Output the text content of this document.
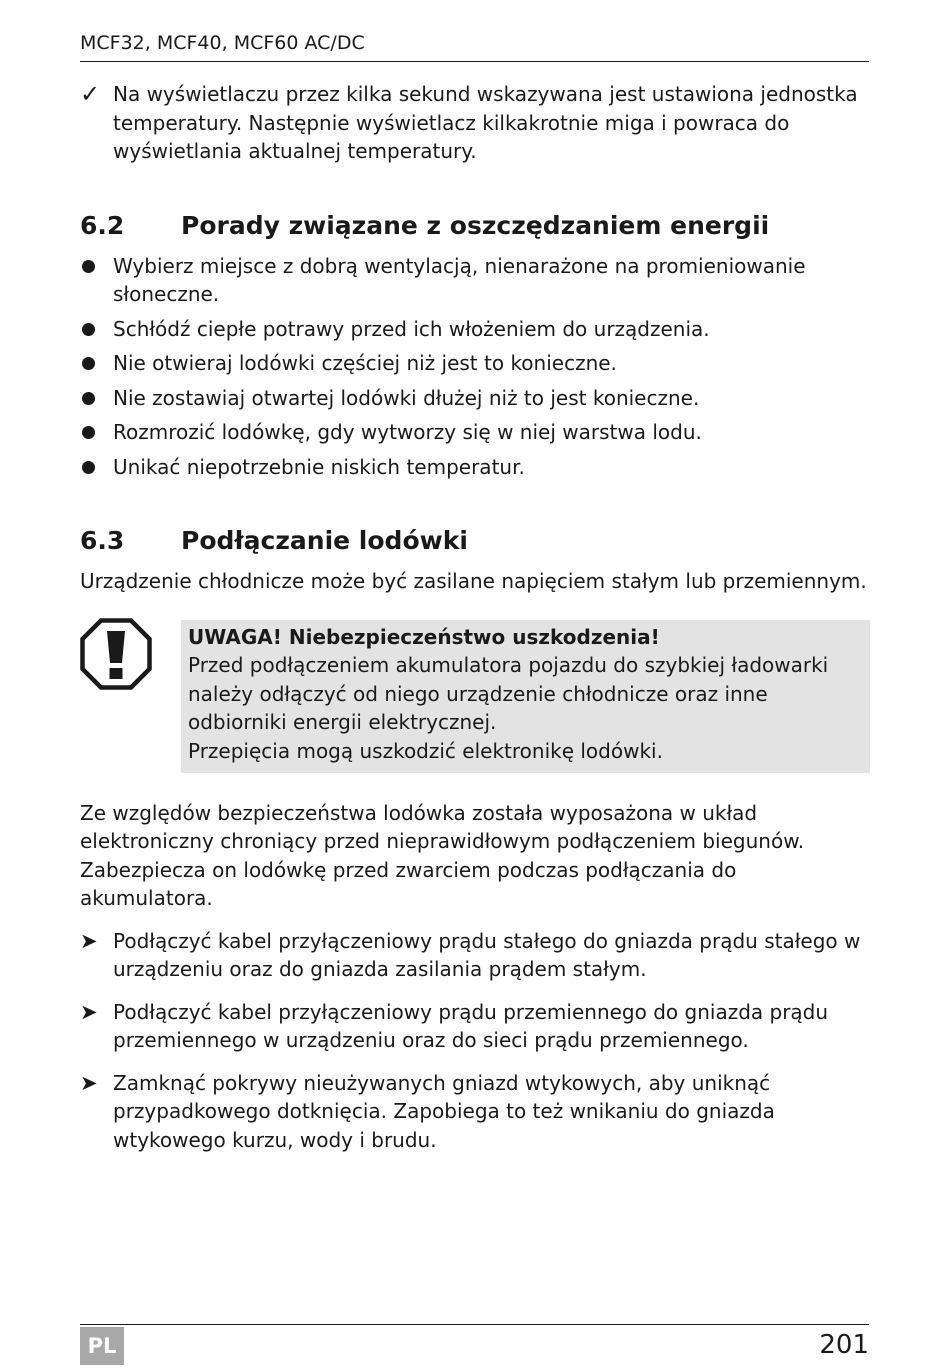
MCF32, MCF40, MCF60 AC/DC
✓ Na wyświetlaczu przez kilka sekund wskazywana jest ustawiona jednostka temperatury. Następnie wyświetlacz kilkakrotnie miga i powraca do wyświetlania aktualnej temperatury.
6.2 Porady związane z oszczędzaniem energii
Wybierz miejsce z dobrą wentylacją, nienarażone na promieniowanie słoneczne.
Schłódź ciepłe potrawy przed ich włożeniem do urządzenia.
Nie otwieraj lodówki częściej niż jest to konieczne.
Nie zostawiaj otwartej lodówki dłużej niż to jest konieczne.
Rozmrozić lodówkę, gdy wytworzy się w niej warstwa lodu.
Unikać niepotrzebnie niskich temperatur.
6.3 Podłączanie lodówki

Urządzenie chłodnicze może być zasilane napięciem stałym lub przemiennym.

UWAGA! Niebezpieczeństwo uszkodzenia!
Przed podłączeniem akumulatora pojazdu do szybkiej ładowarki należy odłączyć od niego urządzenie chłodnicze oraz inne odbiorniki energii elektrycznej.
Przepięcia mogą uszkodzić elektronikę lodówki.

Ze względów bezpieczeństwa lodówka została wyposażona w układ elektroniczny chroniący przed nieprawidłowym podłączeniem biegunów. Zabezpiecza on lodówkę przed zwarciem podczas podłączania do akumulatora.

➤ Podłączyć kabel przyłączeniowy prądu stałego do gniazda prądu stałego w urządzeniu oraz do gniazda zasilania prądem stałym.
➤ Podłączyć kabel przyłączeniowy prądu przemiennego do gniazda prądu przemiennego w urządzeniu oraz do sieci prądu przemiennego.
➤ Zamknąć pokrywy nieużywanych gniazd wtykowych, aby uniknąć przypadkowego dotknięcia. Zapobiega to też wnikaniu do gniazda wtykowego kurzu, wody i brudu.
PL	201
